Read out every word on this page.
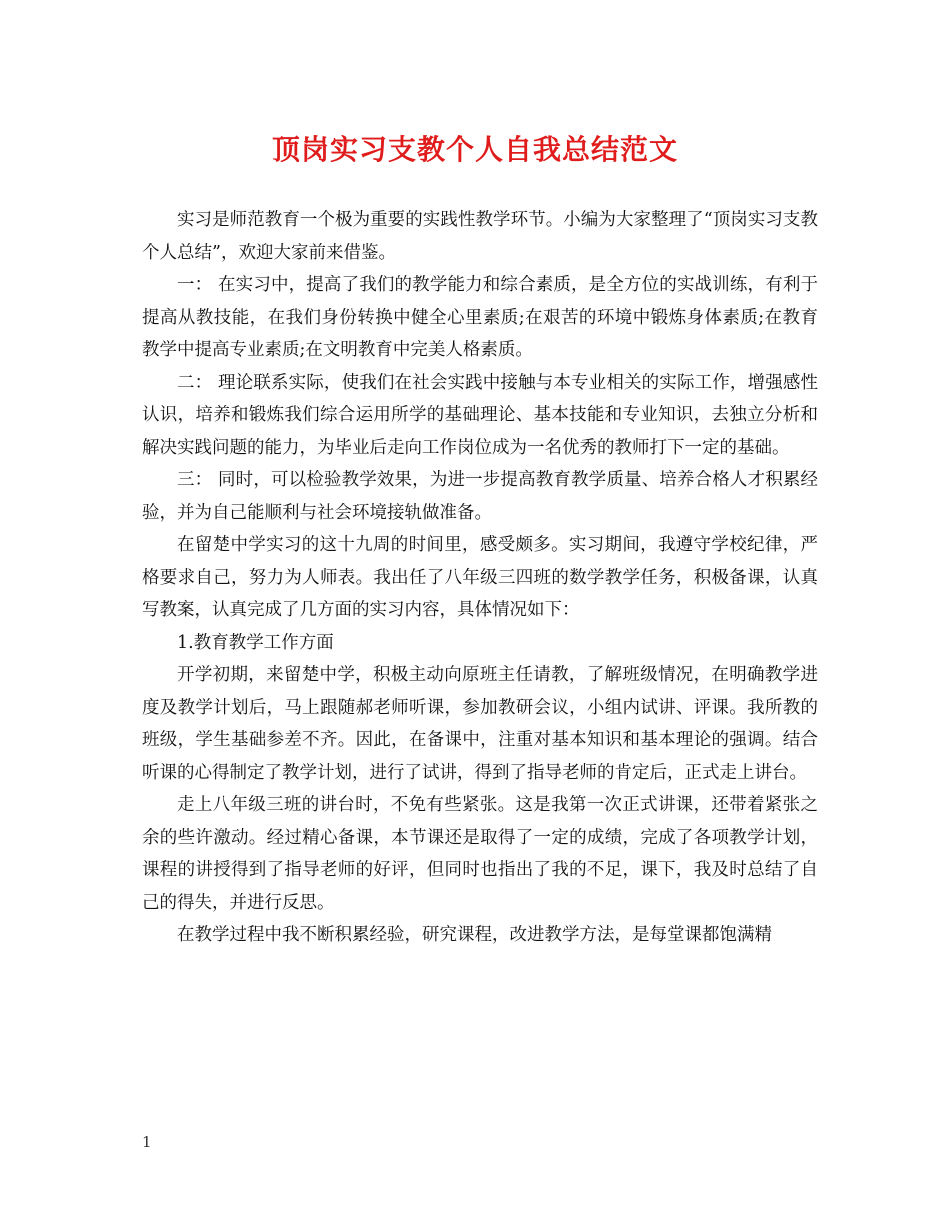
顶岗实习支教个人自我总结范文

实习是师范教育一个极为重要的实践性教学环节。小编为大家整理了“顶岗实习支教个人总结”，欢迎大家前来借鉴。

一： 在实习中，提高了我们的教学能力和综合素质，是全方位的实战训练，有利于提高从教技能，在我们身份转换中健全心里素质;在艰苦的环境中锻炼身体素质;在教育教学中提高专业素质;在文明教育中完美人格素质。

二： 理论联系实际，使我们在社会实践中接触与本专业相关的实际工作，增强感性认识，培养和锻炼我们综合运用所学的基础理论、基本技能和专业知识，去独立分析和解决实践问题的能力，为毕业后走向工作岗位成为一名优秀的教师打下一定的基础。

三： 同时，可以检验教学效果，为进一步提高教育教学质量、培养合格人才积累经验，并为自己能顺利与社会环境接轨做准备。

在留楚中学实习的这十九周的时间里，感受颇多。实习期间，我遵守学校纪律，严格要求自己，努力为人师表。我出任了八年级三四班的数学教学任务，积极备课，认真写教案，认真完成了几方面的实习内容，具体情况如下：

1.教育教学工作方面

开学初期，来留楚中学，积极主动向原班主任请教，了解班级情况，在明确教学进度及教学计划后，马上跟随郝老师听课，参加教研会议，小组内试讲、评课。我所教的班级，学生基础参差不齐。因此，在备课中，注重对基本知识和基本理论的强调。结合听课的心得制定了教学计划，进行了试讲，得到了指导老师的肯定后，正式走上讲台。

走上八年级三班的讲台时，不免有些紧张。这是我第一次正式讲课，还带着紧张之余的些许激动。经过精心备课，本节课还是取得了一定的成绩，完成了各项教学计划，课程的讲授得到了指导老师的好评，但同时也指出了我的不足，课下，我及时总结了自己的得失，并进行反思。

在教学过程中我不断积累经验，研究课程，改进教学方法，是每堂课都饱满精

1
